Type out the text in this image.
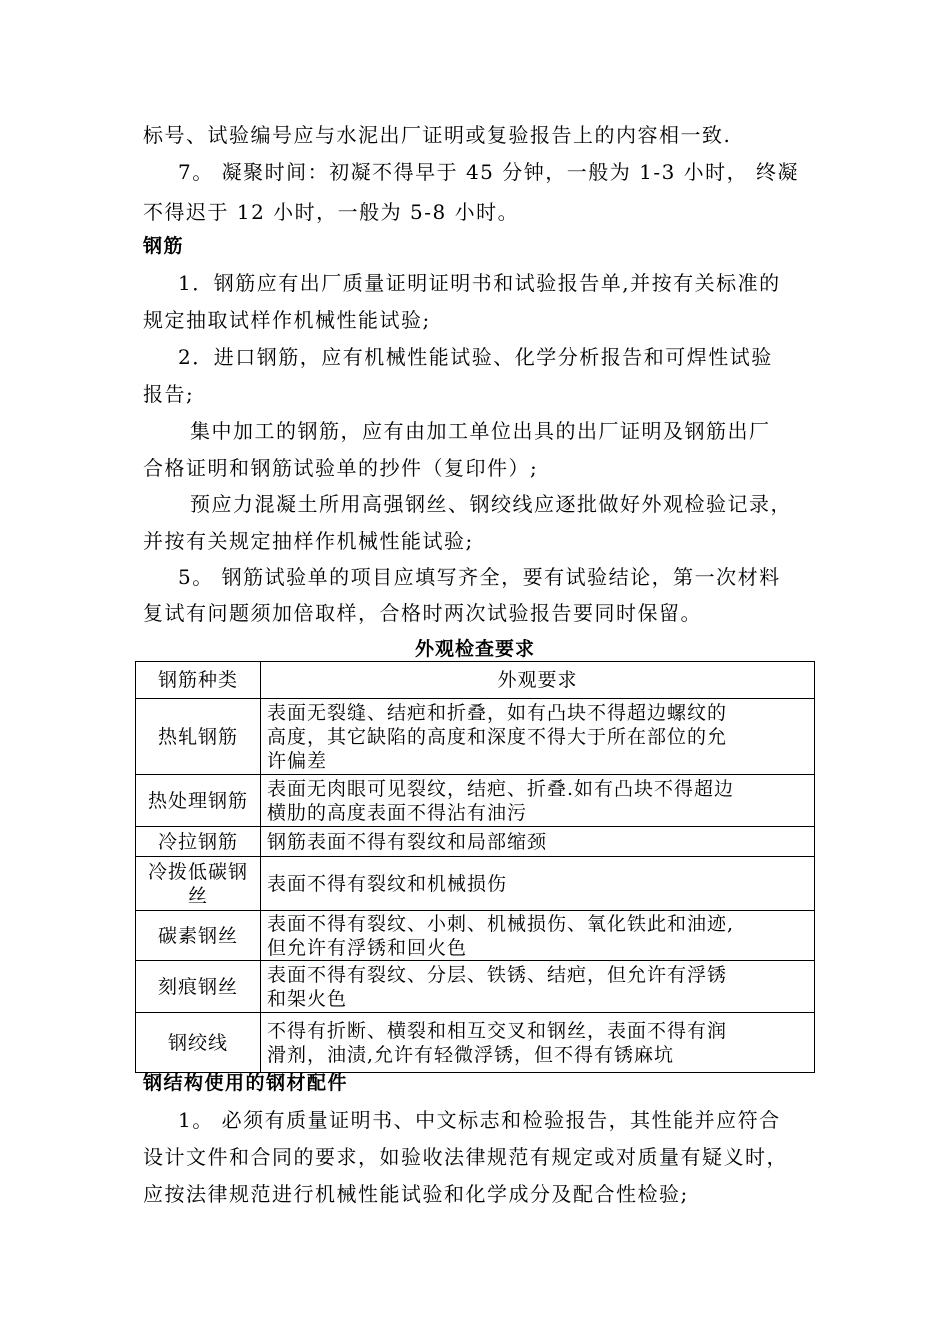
标号、试验编号应与水泥出厂证明或复验报告上的内容相一致.
7。 凝聚时间：初凝不得早于 45 分钟，一般为 1-3 小时， 终凝
不得迟于 12 小时，一般为 5-8 小时。
钢筋
1．钢筋应有出厂质量证明证明书和试验报告单,并按有关标准的
规定抽取试样作机械性能试验;
2．进口钢筋，应有机械性能试验、化学分析报告和可焊性试验
报告;
集中加工的钢筋，应有由加工单位出具的出厂证明及钢筋出厂
合格证明和钢筋试验单的抄件（复印件）;
预应力混凝土所用高强钢丝、钢绞线应逐批做好外观检验记录，
并按有关规定抽样作机械性能试验;
5。 钢筋试验单的项目应填写齐全，要有试验结论，第一次材料
复试有问题须加倍取样，合格时两次试验报告要同时保留。
外观检查要求
钢筋种类	外观要求
热轧钢筋	表面无裂缝、结疤和折叠，如有凸块不得超边螺纹的
高度，其它缺陷的高度和深度不得大于所在部位的允
许偏差

热处理钢筋	表面无肉眼可见裂纹，结疤、折叠.如有凸块不得超边
横肋的高度表面不得沾有油污

冷拉钢筋	钢筋表面不得有裂纹和局部缩颈

冷拨低碳钢
丝	表面不得有裂纹和机械损伤

碳素钢丝	表面不得有裂纹、小刺、机械损伤、氧化铁此和油迹,
但允许有浮锈和回火色

刻痕钢丝	表面不得有裂纹、分层、铁锈、结疤，但允许有浮锈
和架火色

钢绞线	不得有折断、横裂和相互交叉和钢丝，表面不得有润
滑剂，油渍,允许有轻微浮锈，但不得有锈麻坑
钢结构使用的钢材配件
1。 必须有质量证明书、中文标志和检验报告，其性能并应符合
设计文件和合同的要求，如验收法律规范有规定或对质量有疑义时，
应按法律规范进行机械性能试验和化学成分及配合性检验;
